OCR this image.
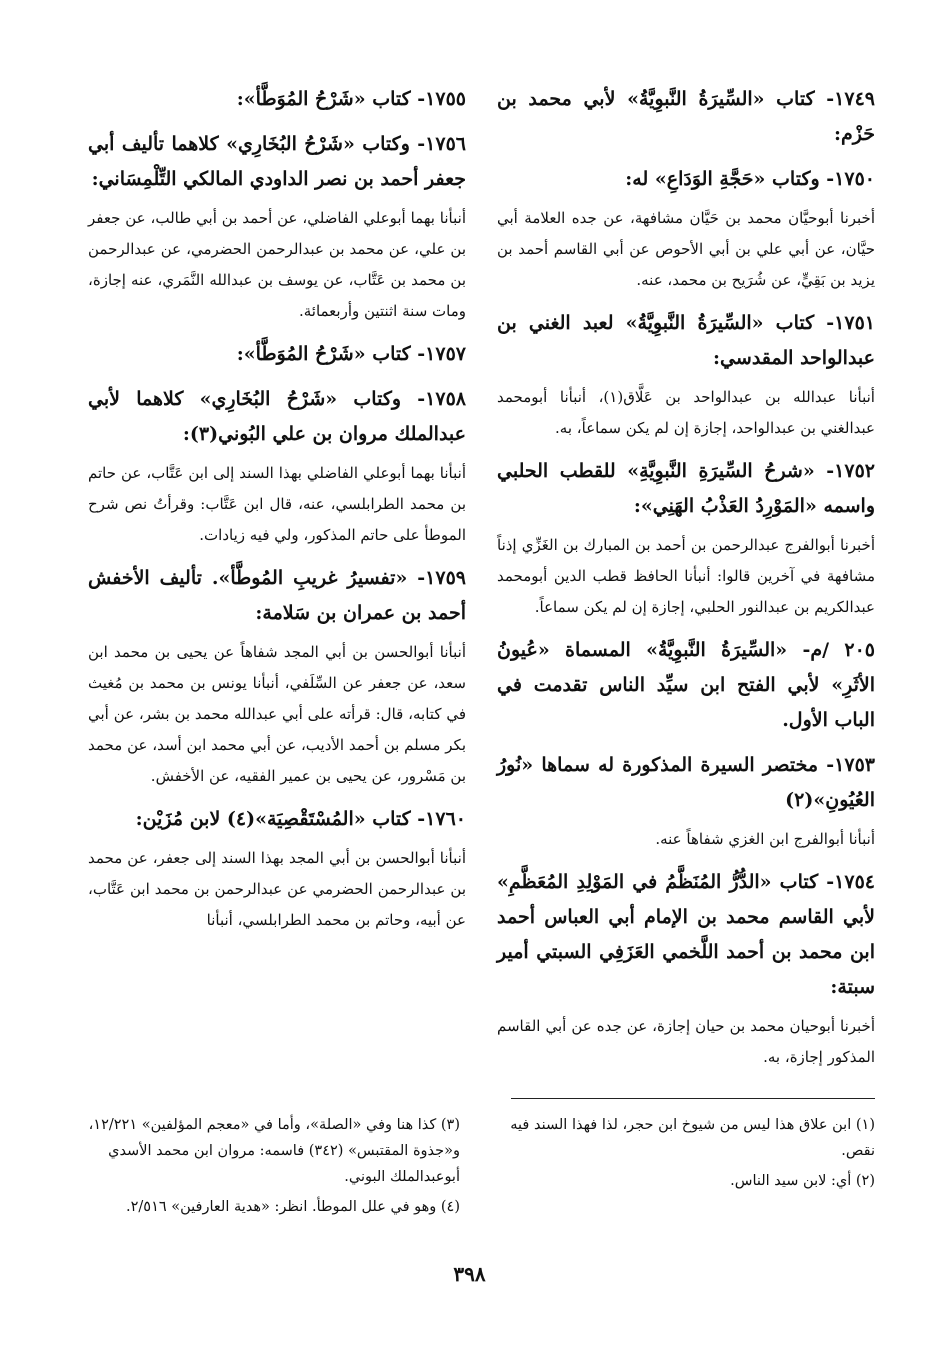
١٧٤٩- كتاب «السِّيرَةُ النَّبوِيَّةُ» لأبي محمد بن حَزْم:

١٧٥٠- وكتاب «حَجَّةِ الوَدَاعِ» له:

أخبرنا أبوحيَّان محمد بن حَيَّان مشافهة، عن جده العلامة أبي حيَّان، عن أبي علي بن أبي الأحوص عن أبي القاسم أحمد بن يزيد بن بَقِيٍّ، عن شُرَيح بن محمد، عنه.

١٧٥١- كتاب «السِّيرَةُ النَّبوِيَّةُ» لعبد الغني بن عبدالواحد المقدسي:

أنبأنا عبدالله بن عبدالواحد بن عَلَّاق(١)، أنبأنا أبومحمد عبدالغني بن عبدالواحد، إجازة إن لم يكن سماعاً، به.

١٧٥٢- «شرحُ السِّيرَةِ النَّبوِيَّةِ» للقطب الحلبي واسمه «المَوْرِدُ العَذْبُ الهَنِي»:

أخبرنا أبوالفرج عبدالرحمن بن أحمد بن المبارك بن الغَزِّي إذناً مشافهة في آخرين قالوا: أنبأنا الحافظ قطب الدين أبومحمد عبدالكريم بن عبدالنور الحلبي، إجازة إن لم يكن سماعاً.

٢٠٥ /م- «السِّيرَةُ النَّبوِيَّةُ» المسماة «عُيونُ الأثَرِ» لأبي الفتح ابن سيِّد الناس تقدمت في الباب الأول.

١٧٥٣- مختصر السيرة المذكورة له سماها «نُورُ العُيُونِ»(٢)

أنبأنا أبوالفرج ابن الغزي شفاهاً عنه.

١٧٥٤- كتاب «الدُّرُّ المُنَظَّمُ في المَوْلِدِ المُعَظَّمِ» لأبي القاسم محمد بن الإمام أبي العباس أحمد ابن محمد بن أحمد اللَّخمي العَزَفِي السبتي أمير سبتة:

أخبرنا أبوحيان محمد بن حيان إجازة، عن جده عن أبي القاسم المذكور إجازة، به.

١٧٥٥- كتاب «شَرْحُ المُوَطَّأ»:

١٧٥٦- وكتاب «شَرْحُ البُخَارِي» كلاهما تأليف أبي جعفر أحمد بن نصر الداودي المالكي التِّلْمِسَاني:

أنبأنا بهما أبوعلي الفاضلي، عن أحمد بن أبي طالب، عن جعفر بن علي، عن محمد بن عبدالرحمن الحضرمي، عن عبدالرحمن بن محمد بن عَتَّاب، عن يوسف بن عبدالله النَّمَري، عنه إجازة، ومات سنة اثنتين وأربعمائة.

١٧٥٧- كتاب «شَرْحُ المُوَطَّأ»:

١٧٥٨- وكتاب «شَرْحُ البُخَارِي» كلاهما لأبي عبدالملك مروان بن علي البُوني(٣):

أنبأنا بهما أبوعلي الفاضلي بهذا السند إلى ابن عَتَّاب، عن حاتم بن محمد الطرابلسي، عنه، قال ابن عَتَّاب: وقرأتُ نص شرح الموطأ على حاتم المذكور، ولي فيه زيادات.

١٧٥٩- «تفسيرُ غريبِ المُوطَّأ». تأليف الأخفش أحمد بن عمران بن سَلامة:

أنبأنا أبوالحسن بن أبي المجد شفاهاً عن يحيى بن محمد ابن سعد، عن جعفر عن السِّلَفي، أنبأنا يونس بن محمد بن مُغيث في كتابه، قال: قرأته على أبي عبدالله محمد بن بشر، عن أبي بكر مسلم بن أحمد الأديب، عن أبي محمد ابن أسد، عن محمد بن مَسْرور، عن يحيى بن عمير الفقيه، عن الأخفش.

١٧٦٠- كتاب «المُسْتَقْصِيَة»(٤) لابن مُزَيْن:

أنبأنا أبوالحسن بن أبي المجد بهذا السند إلى جعفر، عن محمد بن عبدالرحمن الحضرمي عن عبدالرحمن بن محمد ابن عَتَّاب، عن أبيه، وحاتم بن محمد الطرابلسي، أنبأنا

(١) ابن علاق هذا ليس من شيوخ ابن حجر، لذا فهذا السند فيه نقص.

(٢) أي: لابن سيد الناس.

(٣) كذا هنا وفي «الصلة»، وأما في «معجم المؤلفين» ١٢/٢٢١، و«جذوة المقتبس» (٣٤٢) فاسمه: مروان ابن محمد الأسدي أبوعبدالملك البوني.

(٤) وهو في علل الموطأ. انظر: «هدية العارفين» ٢/٥١٦.

٣٩٨
